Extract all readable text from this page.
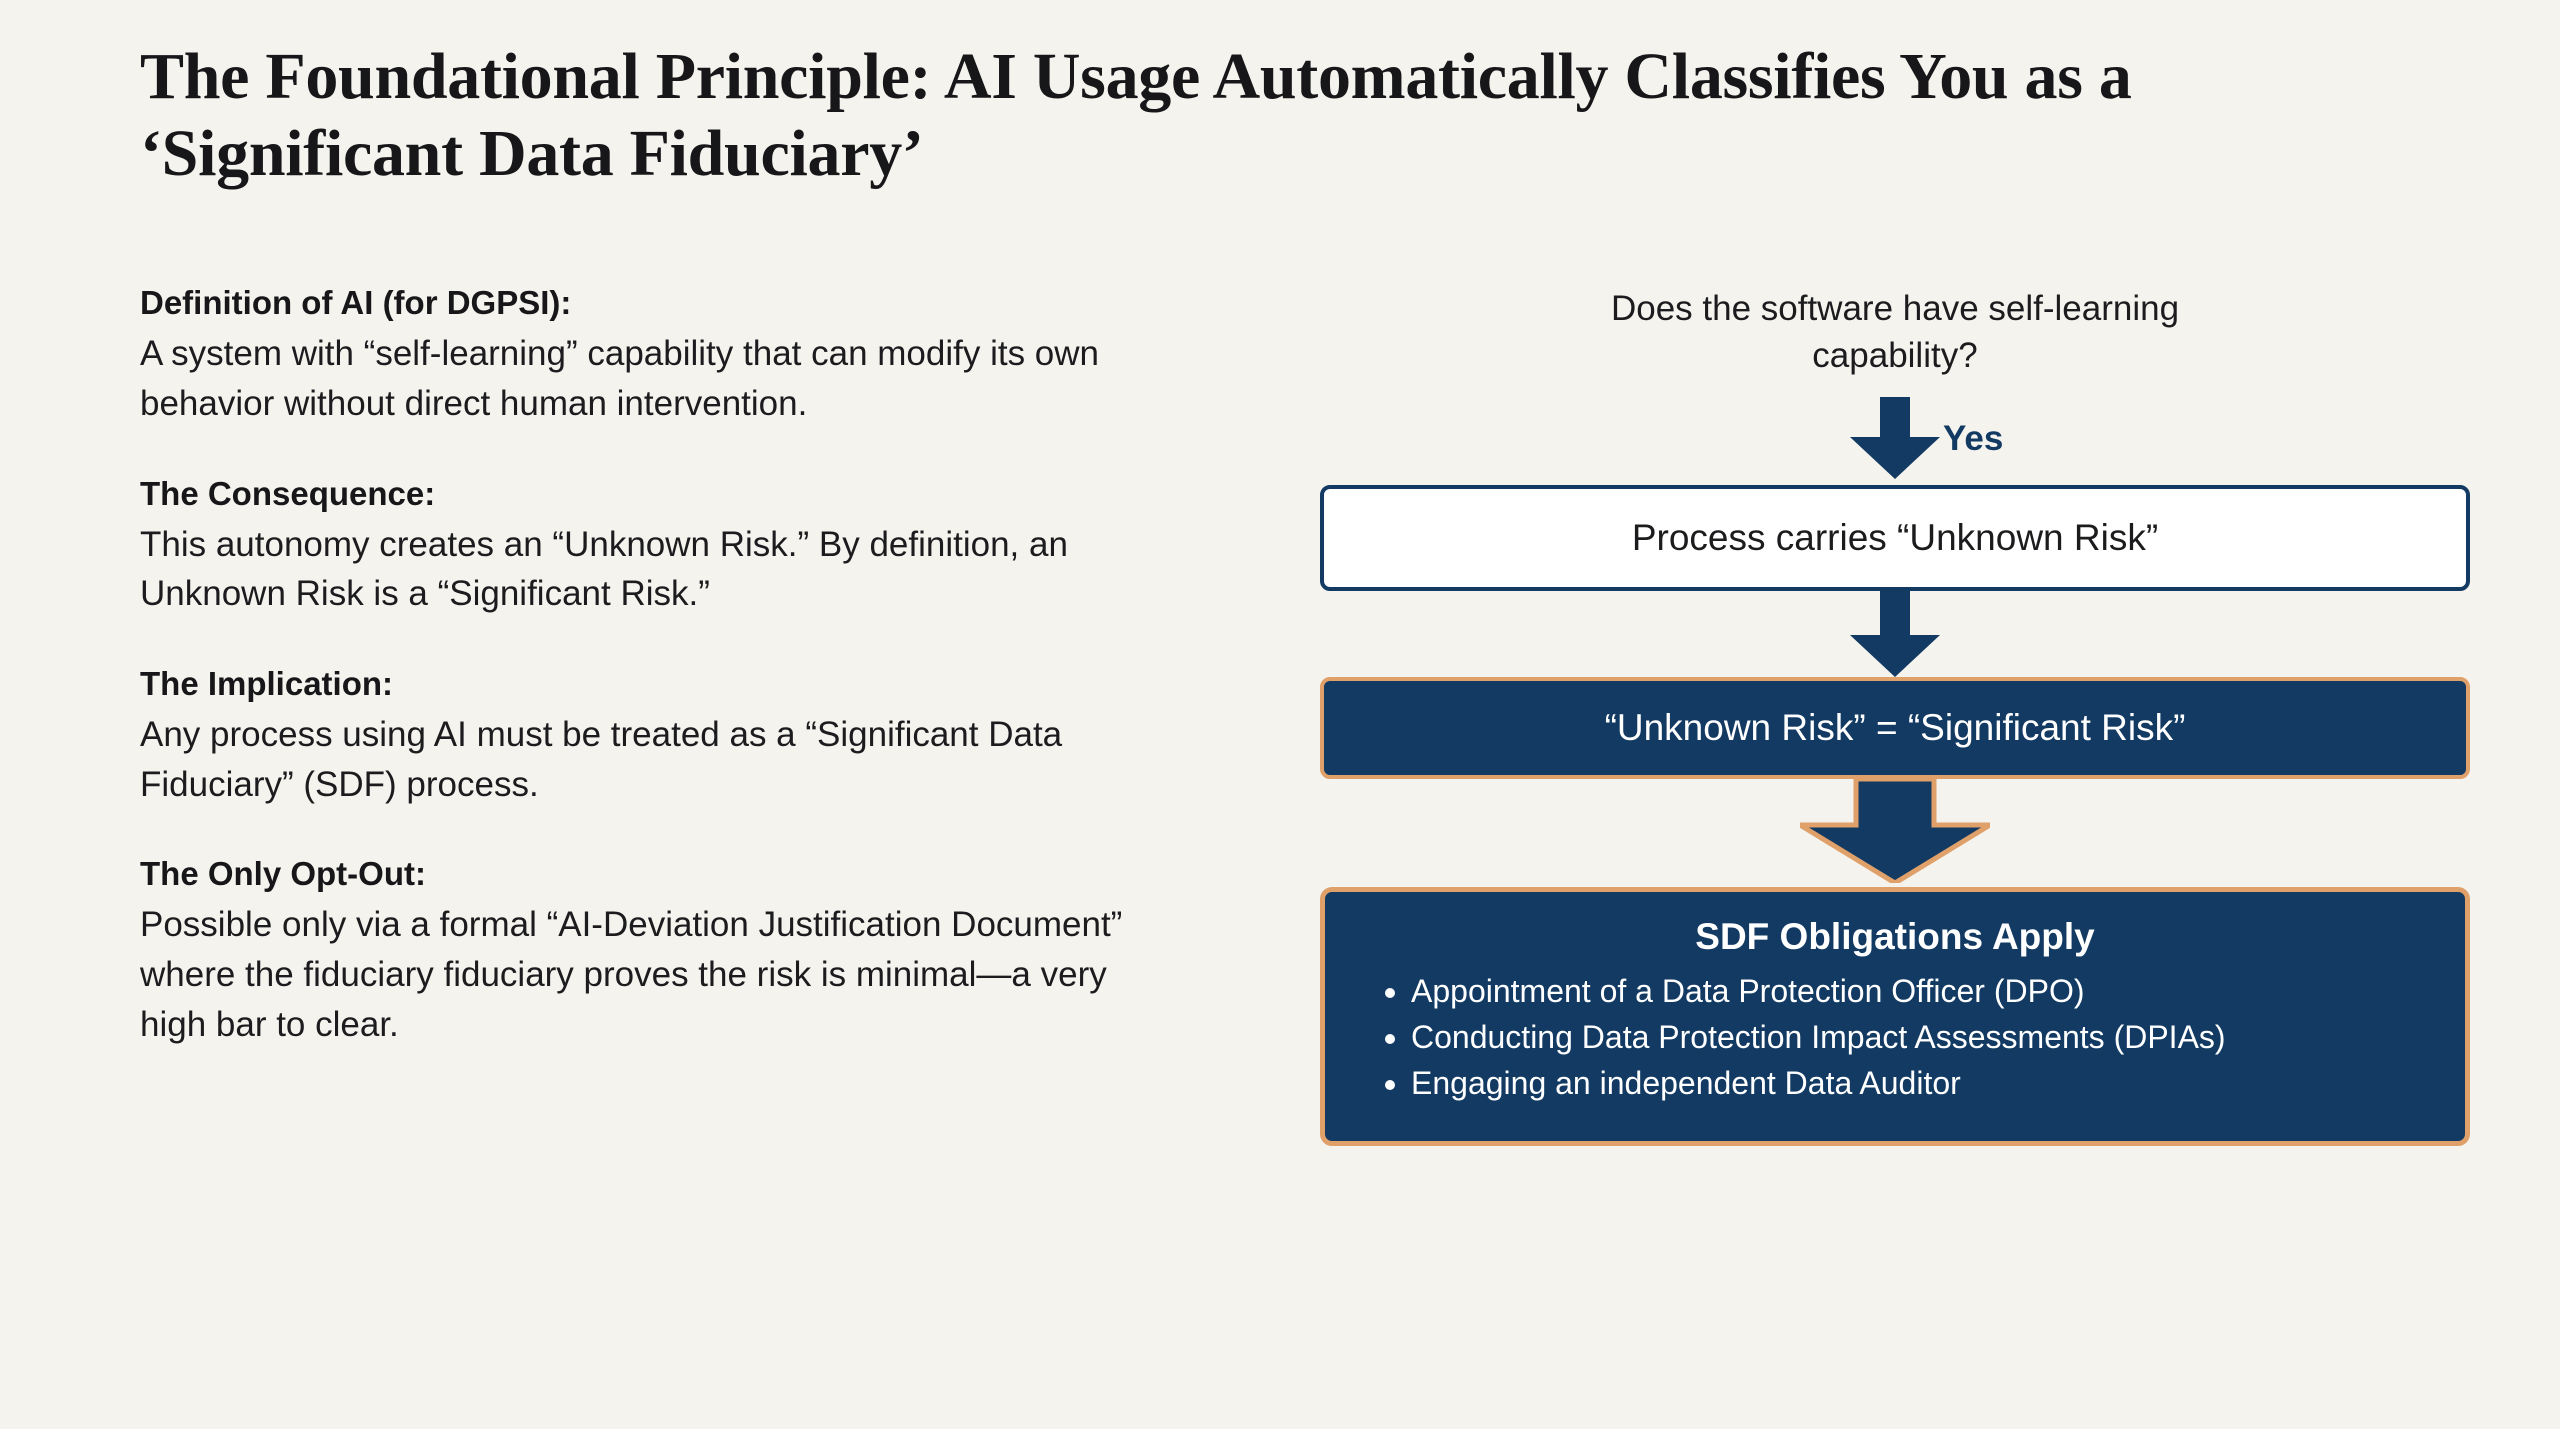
The Foundational Principle: AI Usage Automatically Classifies You as a ‘Significant Data Fiduciary’
Definition of AI (for DGPSI):
A system with “self-learning” capability that can modify its own behavior without direct human intervention.
The Consequence:
This autonomy creates an “Unknown Risk.” By definition, an Unknown Risk is a “Significant Risk.”
The Implication:
Any process using AI must be treated as a “Significant Data Fiduciary” (SDF) process.
The Only Opt-Out:
Possible only via a formal “AI-Deviation Justification Document” where the fiduciary fiduciary proves the risk is minimal—a very high bar to clear.
Does the software have self-learning capability?
Yes
Process carries “Unknown Risk”
“Unknown Risk” = “Significant Risk”
SDF Obligations Apply
• Appointment of a Data Protection Officer (DPO)
• Conducting Data Protection Impact Assessments (DPIAs)
• Engaging an independent Data Auditor
